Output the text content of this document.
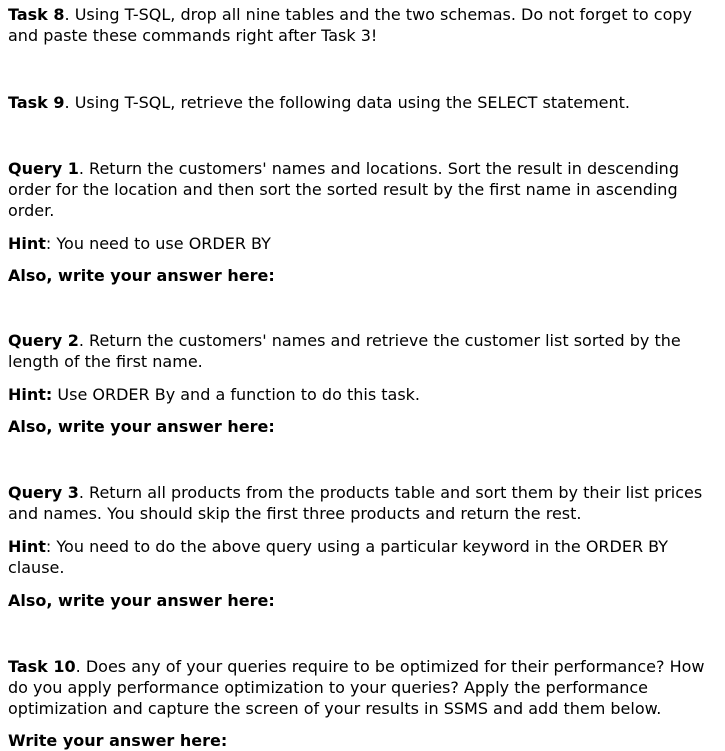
Task 8. Using T-SQL, drop all nine tables and the two schemas. Do not forget to copy and paste these commands right after Task 3!

Task 9. Using T-SQL, retrieve the following data using the SELECT statement.

Query 1. Return the customers' names and locations. Sort the result in descending order for the location and then sort the sorted result by the first name in ascending order.

Hint: You need to use ORDER BY

Also, write your answer here:

Query 2. Return the customers' names and retrieve the customer list sorted by the length of the first name.

Hint: Use ORDER By and a function to do this task.

Also, write your answer here:

Query 3. Return all products from the products table and sort them by their list prices and names. You should skip the first three products and return the rest.

Hint: You need to do the above query using a particular keyword in the ORDER BY clause.

Also, write your answer here:

Task 10. Does any of your queries require to be optimized for their performance? How do you apply performance optimization to your queries? Apply the performance optimization and capture the screen of your results in SSMS and add them below.

Write your answer here:
